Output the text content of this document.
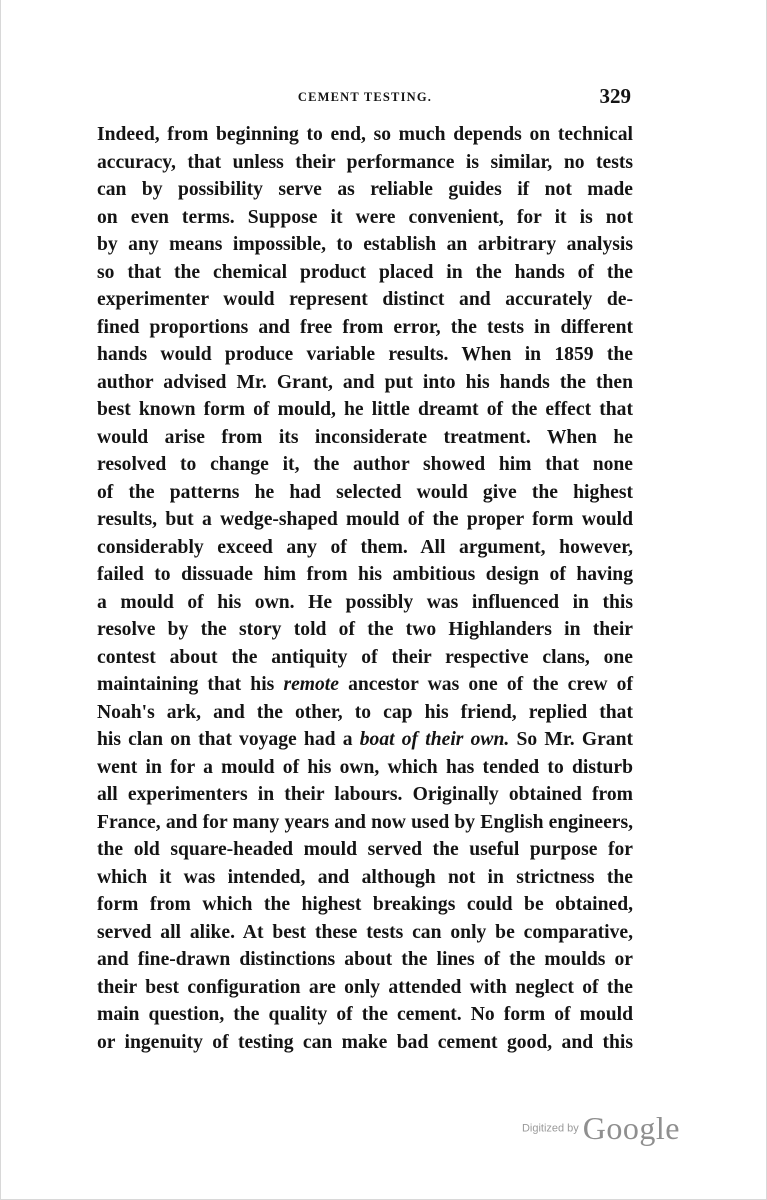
CEMENT TESTING.	329
Indeed, from beginning to end, so much depends on technical
accuracy, that unless their performance is similar, no tests
can by possibility serve as reliable guides if not made
on even terms. Suppose it were convenient, for it is not
by any means impossible, to establish an arbitrary analysis
so that the chemical product placed in the hands of the
experimenter would represent distinct and accurately de-
fined proportions and free from error, the tests in different
hands would produce variable results. When in 1859 the
author advised Mr. Grant, and put into his hands the then
best known form of mould, he little dreamt of the effect that
would arise from its inconsiderate treatment. When he
resolved to change it, the author showed him that none
of the patterns he had selected would give the highest
results, but a wedge-shaped mould of the proper form would
considerably exceed any of them. All argument, however,
failed to dissuade him from his ambitious design of having
a mould of his own. He possibly was influenced in this
resolve by the story told of the two Highlanders in their
contest about the antiquity of their respective clans, one
maintaining that his remote ancestor was one of the crew of
Noah's ark, and the other, to cap his friend, replied that
his clan on that voyage had a boat of their own. So Mr. Grant
went in for a mould of his own, which has tended to disturb
all experimenters in their labours. Originally obtained from
France, and for many years and now used by English engineers,
the old square-headed mould served the useful purpose for
which it was intended, and although not in strictness the
form from which the highest breakings could be obtained,
served all alike. At best these tests can only be comparative,
and fine-drawn distinctions about the lines of the moulds or
their best configuration are only attended with neglect of the
main question, the quality of the cement. No form of mould
or ingenuity of testing can make bad cement good, and this
Digitized by Google
